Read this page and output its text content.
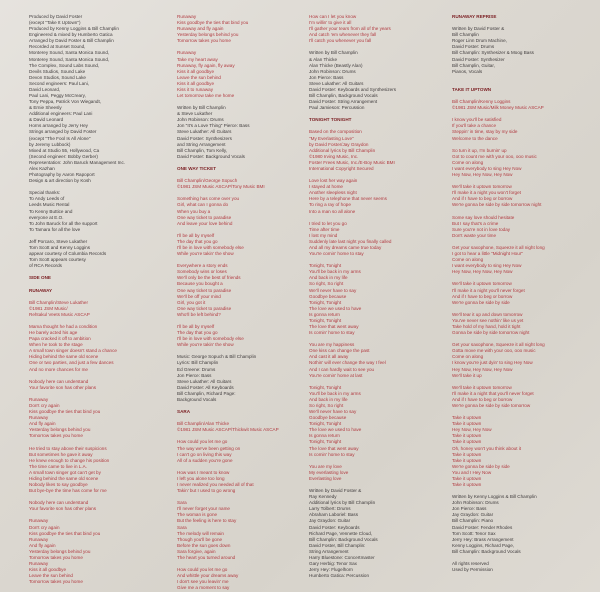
Produced by David Foster
(except "Take It Uptown")
Produced by Kenny Loggins & Bill Champlin
Engineered & mixed by Humberto Gatica
Arranged by David Foster & Bill Champlin
Recorded at Sunset Sound,
Monterey Sound, Santa Monica Sound,
Monterey Sound, Santa Monica Sound,
The Complex, Sound Labs Sound,
Devils Studios, Sound Lake
Devon Studios, Sound Lake
Second engineers: Paul Lani,
David Leonard,
Paul Lani, Peggy McCreary,
Tony Peppa, Patrick Von Wiegandt,
& Ernie Sheesly
Additional engineers: Paul Lani
& David Leonard
Horns arranged by Jerry Hey
Strings arranged by David Foster
(except "The Fool Is All Alone"
by Jeremy Lubbock)
Mixed at Studio 55, Hollywood, Ca
(Second engineer: Bobby Gerber)
Representation: John Baruck Management Inc.
Alex Kazhan
Photography by Aaron Rapoport
Design & art direction by Kosh
Special thanks:
To Andy Leeds of
Leeds Music Rental
To Kenny Buttice and
everyone at E.O.
To John Baruck for all the support
To Tamara for all the love
Jeff Porcaro, Steve Lukather
Tom Scott and Kenny Loggins
appear courtesy of Columbia Records
Tom Scott appears courtesy
of RCA Records
SIDE ONE
RUNAWAY
Bill Champlin/Steve Lukather
©1981 JSM Music/
Rehtakul Veets Music ASCAP
Mama thought he had a condition
He barely acted his age
Papa cracked it off to ambition
When he took to the stage
A small town singer doesn't stand a chance
Hiding behind the same old scene
One or two parties, and just a few dances
And no more chances for me
Nobody here can understand
Your favorite son has other plans
Runaway
Don't cry again
Kiss goodbye the ties that bind you
Runaway
And fly again
Yesterday belongs behind you
Tomorrow takes you home
He tried to stay above their suspicions
But sometimes he gave it away
He knew enough to change his position
The time came to live in L.A.
A small town singer got can't get by
Hiding behind the same old scene
Nobody likes to say goodbye
But bye-bye the time has come for me
Nobody here can understand
Your favorite son has other plans
Runaway
Don't cry again
Kiss goodbye the ties that bind you
Runaway
And fly again
Yesterday belongs behind you
Tomorrow takes you home
Runaway
Kiss it all goodbye
Leave the sun behind
Tomorrow takes you home
Runaway
Kiss goodbye the ties that bind you
Runaway and fly again
Yesterday belongs behind you
Tomorrow takes you home
Runaway
Take my heart away
Runaway, fly again, fly away
Kiss it all goodbye
Leave the sun behind
Kiss it all goodbye
Kiss it to runaway
Let tomorrow take me home
Written by Bill Champlin
& Steve Lukather
John Robinson: Drums
Jon "It's a Love Thing" Pierce: Bass
Steve Lukather: All Guitars
David Foster: Synthesizers
and String Arrangement
Bill Champlin, Tom Kelly,
David Foster: Background Vocals
ONE WAY TICKET
Bill Champlin/George Sopuch
©1981 JSM Music ASCAP/Tony Music BMI
Something has come over you
Girl, what can I gonna do
When you buy a
One way ticket to paradise
And leave your love behind
I'll be all by myself
The day that you go
I'll be in love with somebody else
While you're takin' the show
Everywhere a story ends
Somebody wins or loses
We'll only be the best of friends
Because you bought a
One way ticket to paradise
We'll be off your mind
Girl, you got it
One way ticket to paradise
Who'll be left behind?
I'll be all by myself
The day that you go
I'll be in love with somebody else
While you're takin' the show
Music: George Sopuch & Bill Champlin
Lyrics: Bill Champlin
Ed Greene: Drums
Jon Pierce: Bass
Steve Lukather: All Guitars
David Foster: All Keyboards
Bill Champlin, Richard Page:
Background Vocals
SARA
Bill Champlin/Alan Thicke
©1981 JSM Music ASCAP/Thickwit Music ASCAP
How could you let me go
The way we've been getting on
I can't go on living this way
All of a sudden you're gone
How was I meant to know
I left you alone too long
I never realized you needed all of that
Takin' but I used to go wrong
Sara
I'll never forget your name
The woman is gone
But the feeling is here to stay
Sara
The melody will remain
Though you'll be gone
Before the sun goes down
Sara forgive, again
The heart you turned around
How could you let me go
And whittle your dreams away
I don't see you leavin' me
Give me a moment to say
How can I let you know
I'm willin' to give it all
I'll gather your tears from all of the years
And catch 'em whenever they fall
I'll catch you whenever you fall
Written by Bill Champlin
& Alan Thicke
Alan Thicke (Beastly Alan)
John Robinson: Drums
Jon Pierce: Bass
Steve Lukather: All Guitars
David Foster: Keyboards and Synthesizers
Bill Champlin, Background Vocals
David Foster: String Arrangement
Paul Jamieson: Percussion
TONIGHT TONIGHT
Based on the composition
"My Everlasting Love"
by David Foster/Jay Graydon
Additional lyrics by Bill Champlin
©1980 Irving Music, Inc.
Foster Frees Music, Inc./E-Boy Music BMI
International Copyright Secured
Love lost her way again
I stayed at home
Another sleepless night
Here by a telephone that never seems
To ring a ray of hope
Into a man so all alone
I tried to let you go
Time after time
I lost my mind
Suddenly late last night you finally called
And all my dreams came true today
You're comin' home to stay
Tonight, Tonight
You'll be back in my arms
And back in my life
So right, So right
We'll never have to say
Goodbye because
Tonight, Tonight
The love we used to have
Is gonna return
Tonight, Tonight
The love that went away
Is comin' home to stay
You are my happiness
One kiss can change the past
And cast it all away
Nothin' will ever change the way I feel
And I can hardly wait to see you
You're comin' home at last
Tonight, Tonight
You'll be back in my arms
And back in my life
So right, So right
We'll never have to say
Goodbye because
Tonight, Tonight
The love we used to have
Is gonna return
Tonight, Tonight
The love that went away
Is comin' home to stay
You are my love
My everlasting love
Everlasting love
Written by David Foster &
Ray Kennedy
Additional lyrics by Bill Champlin
Larry Tolbert: Drums
Abraham Laboriel: Bass
Jay Graydon: Guitar
David Foster: Keyboards
Richard Page, Vennette Cloud,
Bill Champlin: Background Vocals
David Foster, Bill Champlin:
String Arrangement
Harry Bluestone: Concertmaster
Gary Herbig: Tenor Sax
Jerry Hey: Flugelhorn
Humberto Gatica: Percussion
RUNAWAY REPRISE
Written by David Foster &
Bill Champlin
Roger Linn Drum Machine,
David Foster: Drums
Bill Champlin: Synthesizer & Moog Bass
David Foster: Synthesizer
Bill Champlin, Guitar,
Pianos, Vocals
TAKE IT UPTOWN
Bill Champlin/Kenny Loggins
©1981 JSM Music/Milk Money Music ASCAP
I know you'll be satisfied
If you'll take a chance
Steppin' in time, stay by my side
Welcome to the dance
So turn it up, I'm burnin' up
Got to count me with your ooo, ooo music
Come on along
I want everybody to sing Hey Now
Hey Now, Hey Now, Hey Now
We'll take it uptown tomorrow
I'll make it a night you won't forget
And if I have to beg or borrow
We're gonna be side by side tomorrow night
Some say love should hesitate
But I say that's a crime
Sure you're not in love today
Don't waste your time
Get your saxophone, Squeeze it all night long
I got to hear a little "Midnight Hour"
Come on along
I want everybody to sing Hey Now
Hey Now, Hey Now, Hey Now
We'll take it uptown tomorrow
I'll make it a night you'll never forget
And if I have to beg or borrow
We're gonna be side by side
We'll tear it up and down tomorrow
You've never see nothin' like us yet
Take hold of my hand, hold it tight
Gonna be side by side tomorrow night
Get your saxophone, Squeeze it all night long
Gotta move me with your ooo, ooo music
Come on along
I know you're just dyin' to sing Hey Now
Hey Now, Hey Now, Hey Now
We'll take it up
We'll take it uptown tomorrow
I'll make it a night that you'll never forget
And if I have to beg or borrow
We're gonna be side by side tomorrow
Take it uptown
Take it uptown
Hey Now, Hey Now
Take it uptown
Take it uptown
Oh, honey won't you think about it
Take it uptown
Take it uptown
We're gonna be side by side
You and I Hey Now
Take it uptown
Take it uptown
Written by Kenny Loggins & Bill Champlin
John Robinson: Drums
Jon Pierce: Bass
Jay Graydon: Guitar
Bill Champlin: Piano
David Foster: Fender Rhodes
Tom Scott: Tenor Sax
Jerry Hey: Brass Arrangement
Kenny Loggins, Richard Page,
Bill Champlin: Background Vocals
All rights reserved
Used by Permission
